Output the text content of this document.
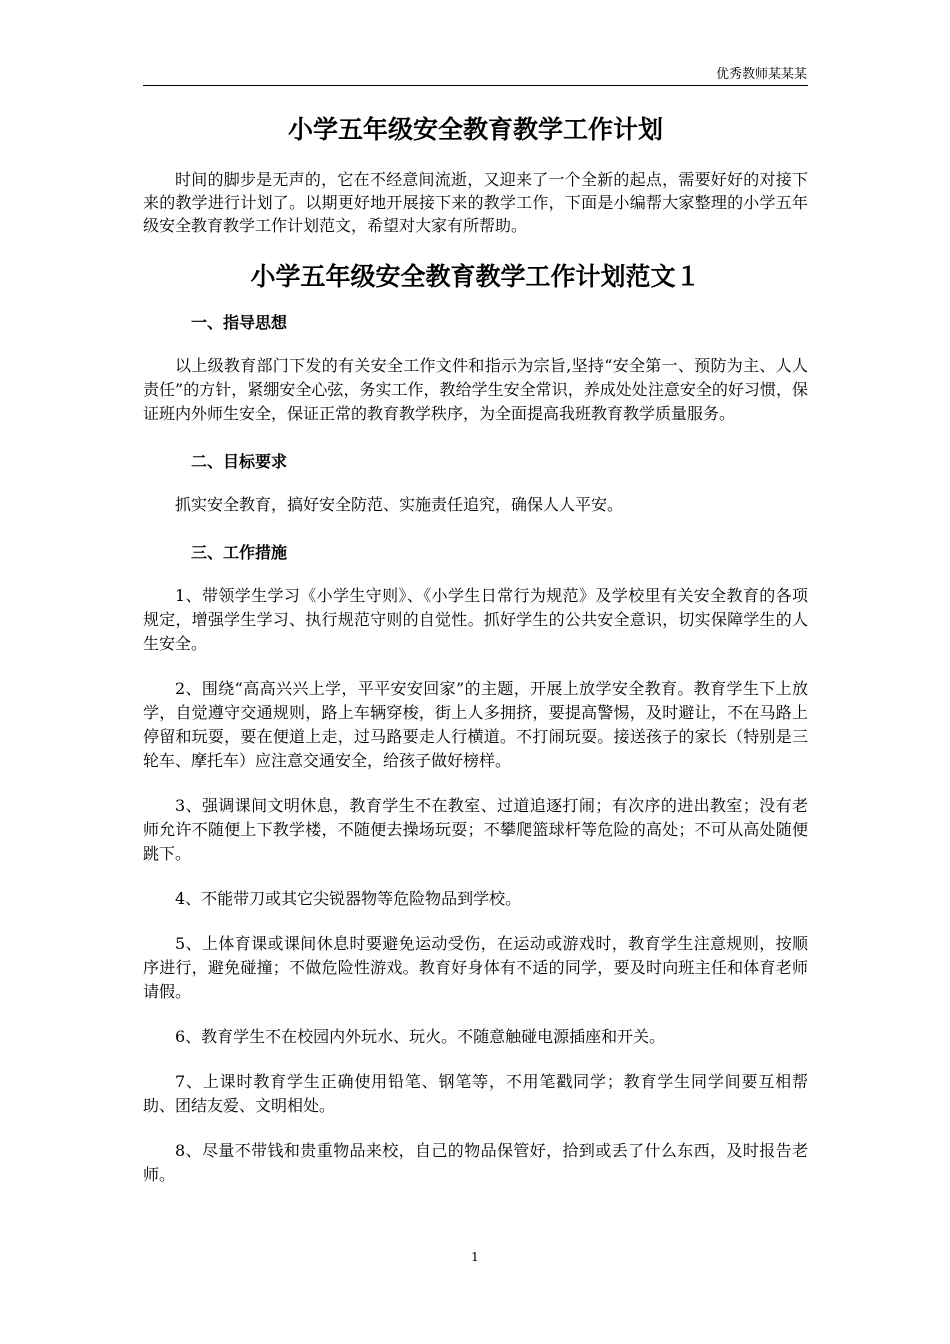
优秀教师某某某
小学五年级安全教育教学工作计划

时间的脚步是无声的，它在不经意间流逝，又迎来了一个全新的起点，需要好好的对接下来的教学进行计划了。以期更好地开展接下来的教学工作，下面是小编帮大家整理的小学五年级安全教育教学工作计划范文，希望对大家有所帮助。

小学五年级安全教育教学工作计划范文１
一、指导思想

以上级教育部门下发的有关安全工作文件和指示为宗旨,坚持“安全第一、预防为主、人人责任”的方针，紧绷安全心弦，务实工作，教给学生安全常识，养成处处注意安全的好习惯，保证班内外师生安全，保证正常的教育教学秩序，为全面提高我班教育教学质量服务。

二、目标要求

抓实安全教育，搞好安全防范、实施责任追究，确保人人平安。

三、工作措施

1、带领学生学习《小学生守则》、《小学生日常行为规范》及学校里有关安全教育的各项规定，增强学生学习、执行规范守则的自觉性。抓好学生的公共安全意识，切实保障学生的人生安全。

2、围绕“高高兴兴上学，平平安安回家”的主题，开展上放学安全教育。教育学生下上放学，自觉遵守交通规则，路上车辆穿梭，街上人多拥挤，要提高警惕，及时避让，不在马路上停留和玩耍，要在便道上走，过马路要走人行横道。不打闹玩耍。接送孩子的家长（特别是三轮车、摩托车）应注意交通安全，给孩子做好榜样。

3、强调课间文明休息，教育学生不在教室、过道追逐打闹；有次序的进出教室；没有老师允许不随便上下教学楼，不随便去操场玩耍；不攀爬篮球杆等危险的高处；不可从高处随便跳下。

4、不能带刀或其它尖锐器物等危险物品到学校。

5、上体育课或课间休息时要避免运动受伤，在运动或游戏时，教育学生注意规则，按顺序进行，避免碰撞；不做危险性游戏。教育好身体有不适的同学，要及时向班主任和体育老师请假。

6、教育学生不在校园内外玩水、玩火。不随意触碰电源插座和开关。

7、上课时教育学生正确使用铅笔、钢笔等，不用笔戳同学；教育学生同学间要互相帮助、团结友爱、文明相处。

8、尽量不带钱和贵重物品来校，自己的物品保管好，拾到或丢了什么东西，及时报告老师。

1
